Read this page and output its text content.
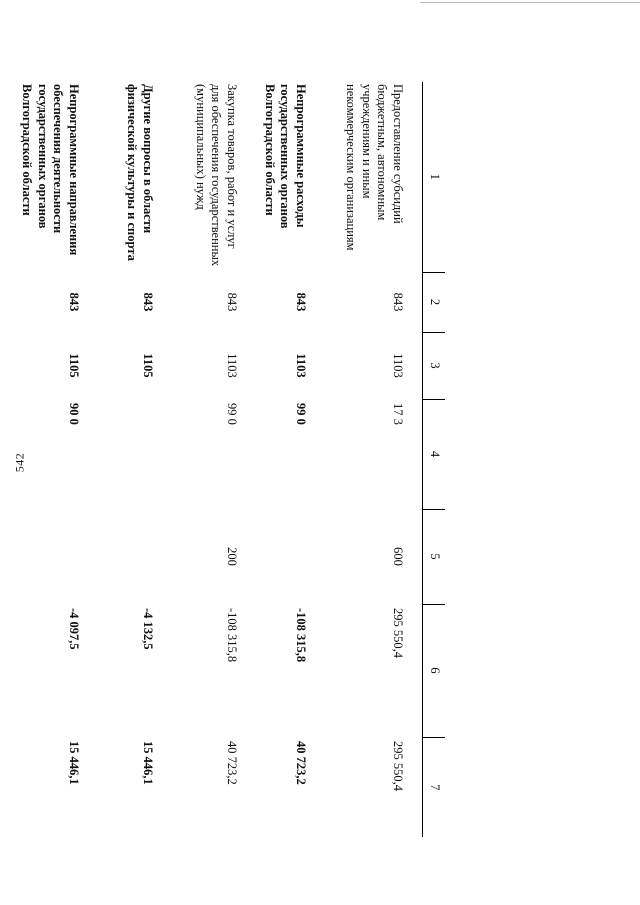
542
1	2	3	4	5	6	7
Предоставление субсидий бюджетным, автономным учреждениям и иным некоммерческим организациям	843	1103	17 3	600	295 550,4	295 550,4
Непрограммные расходы государственных органов Волгоградской области	843	1103	99 0		-108 315,8	40 723,2
Закупка товаров, работ и услуг для обеспечения государственных (муниципальных) нужд	843	1103	99 0	200	-108 315,8	40 723,2
Другие вопросы в области физической культуры и спорта	843	1105			-4 132,5	15 446,1
Непрограммные направления обеспечения деятельности государственных органов Волгоградской области	843	1105	90 0		-4 097,5	15 446,1
